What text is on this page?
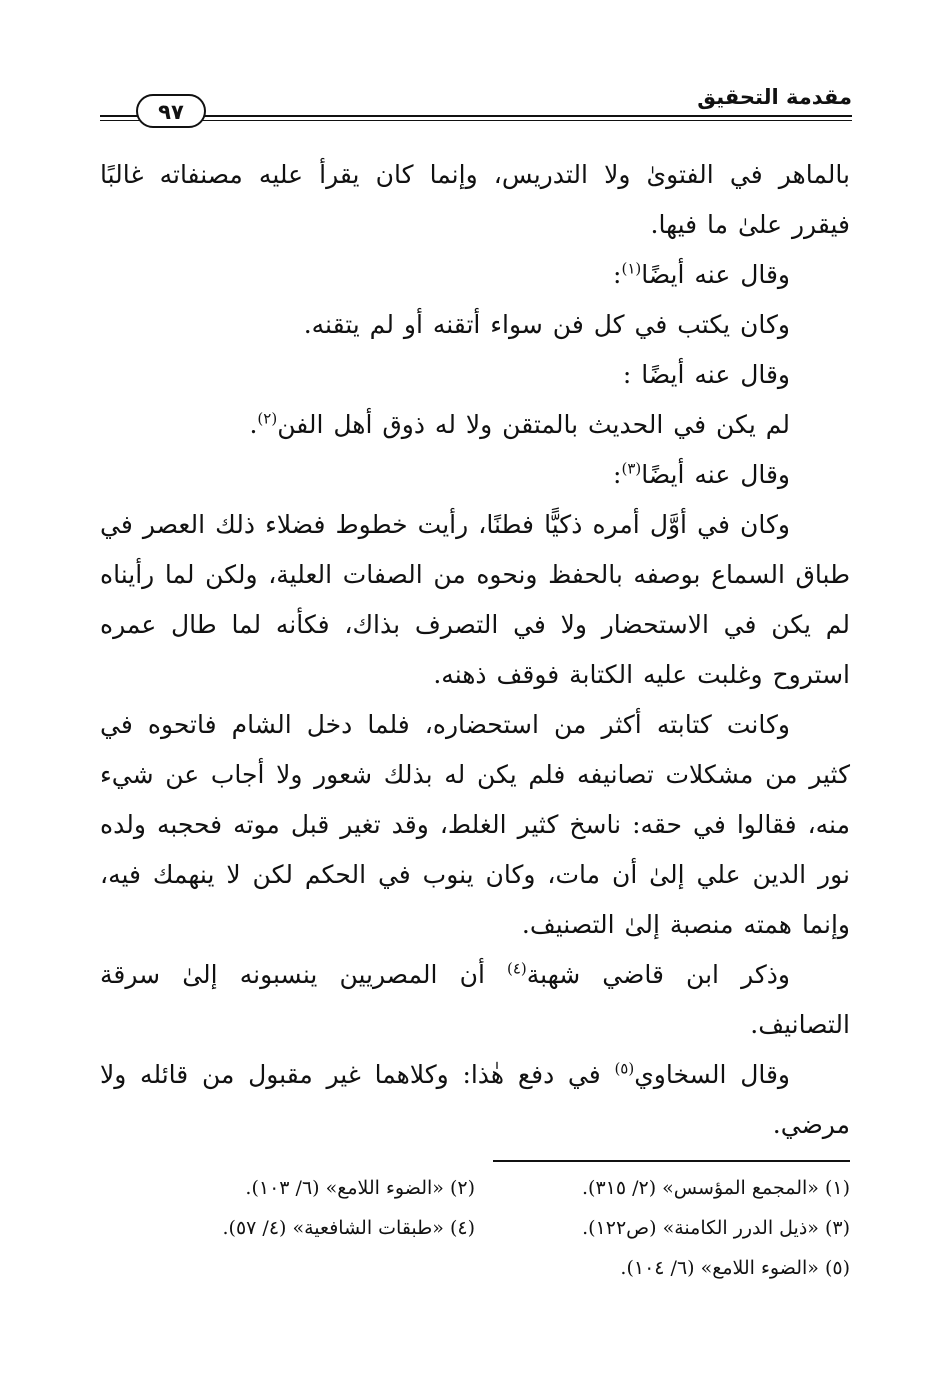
مقدمة التحقيق
٩٧

بالماهر في الفتوىٰ ولا التدريس، وإنما كان يقرأ عليه مصنفاته غالبًا فيقرر علىٰ ما فيها.

وقال عنه أيضًا$^{(١)}$:

وكان يكتب في كل فن سواء أتقنه أو لم يتقنه.

وقال عنه أيضًا :

لم يكن في الحديث بالمتقن ولا له ذوق أهل الفن$^{(٢)}$.

وقال عنه أيضًا$^{(٣)}$:

وكان في أوَّل أمره ذكيًّا فطنًا، رأيت خطوط فضلاء ذلك العصر في طباق السماع بوصفه بالحفظ ونحوه من الصفات العلية، ولكن لما رأيناه لم يكن في الاستحضار ولا في التصرف بذاك، فكأنه لما طال عمره استروح وغلبت عليه الكتابة فوقف ذهنه.

وكانت كتابته أكثر من استحضاره، فلما دخل الشام فاتحوه في كثير من مشكلات تصانيفه فلم يكن له بذلك شعور ولا أجاب عن شيء منه، فقالوا في حقه: ناسخ كثير الغلط، وقد تغير قبل موته فحجبه ولده نور الدين علي إلىٰ أن مات، وكان ينوب في الحكم لكن لا ينهمك فيه، وإنما همته منصبة إلىٰ التصنيف.

وذكر ابن قاضي شهبة$^{(٤)}$ أن المصريين ينسبونه إلىٰ سرقة التصانيف.

وقال السخاوي$^{(٥)}$ في دفع هٰذا: وكلاهما غير مقبول من قائله ولا مرضي.

(١) «المجمع المؤسس» (٢/ ٣١٥).
(٢) «الضوء اللامع» (٦/ ١٠٣).
(٣) «ذيل الدرر الكامنة» (ص١٢٢).
(٤) «طبقات الشافعية» (٤/ ٥٧).
(٥) «الضوء اللامع» (٦/ ١٠٤).
